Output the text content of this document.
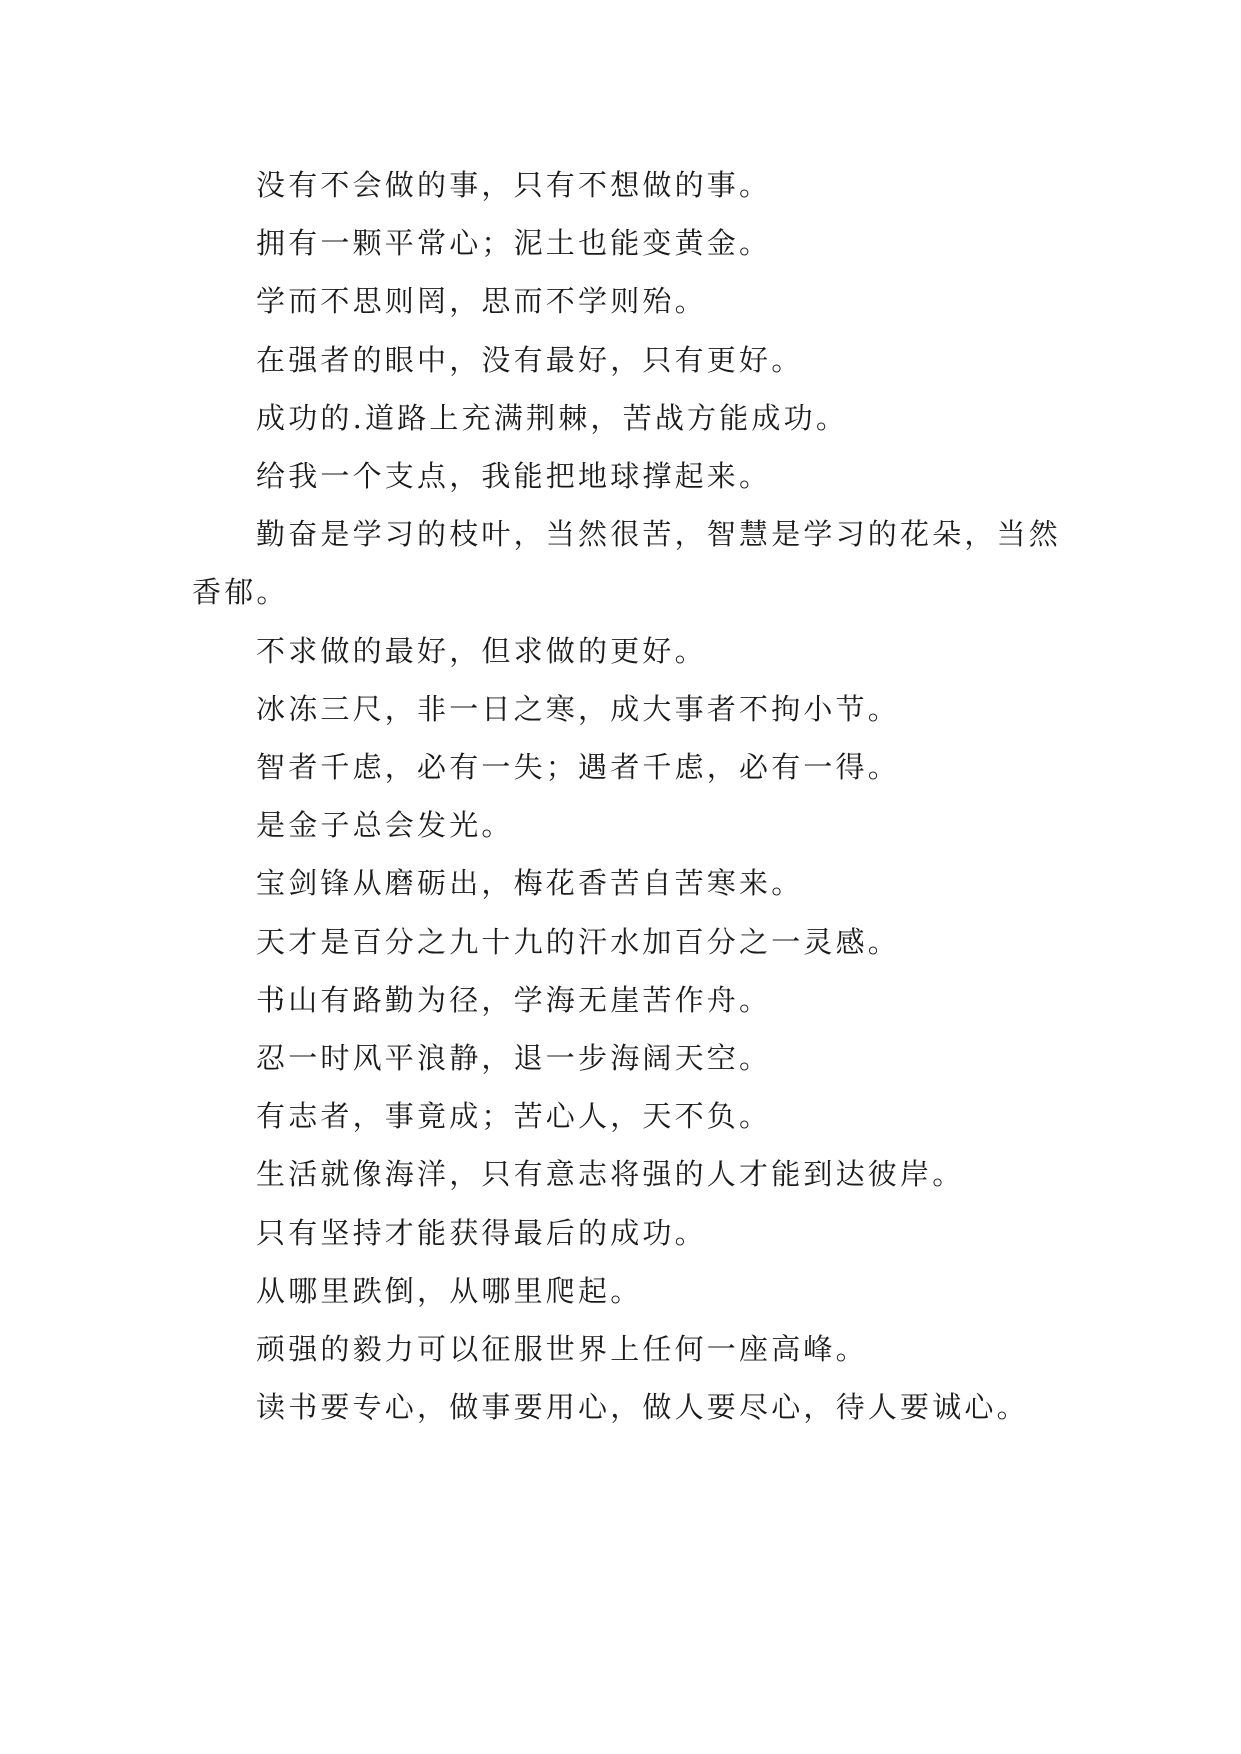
没有不会做的事，只有不想做的事。

拥有一颗平常心；泥土也能变黄金。

学而不思则罔，思而不学则殆。

在强者的眼中，没有最好，只有更好。

成功的.道路上充满荆棘，苦战方能成功。

给我一个支点，我能把地球撑起来。

勤奋是学习的枝叶，当然很苦，智慧是学习的花朵，当然香郁。

不求做的最好，但求做的更好。

冰冻三尺，非一日之寒，成大事者不拘小节。

智者千虑，必有一失；遇者千虑，必有一得。

是金子总会发光。

宝剑锋从磨砺出，梅花香苦自苦寒来。

天才是百分之九十九的汗水加百分之一灵感。

书山有路勤为径，学海无崖苦作舟。

忍一时风平浪静，退一步海阔天空。

有志者，事竟成；苦心人，天不负。

生活就像海洋，只有意志将强的人才能到达彼岸。

只有坚持才能获得最后的成功。

从哪里跌倒，从哪里爬起。

顽强的毅力可以征服世界上任何一座高峰。

读书要专心，做事要用心，做人要尽心，待人要诚心。
